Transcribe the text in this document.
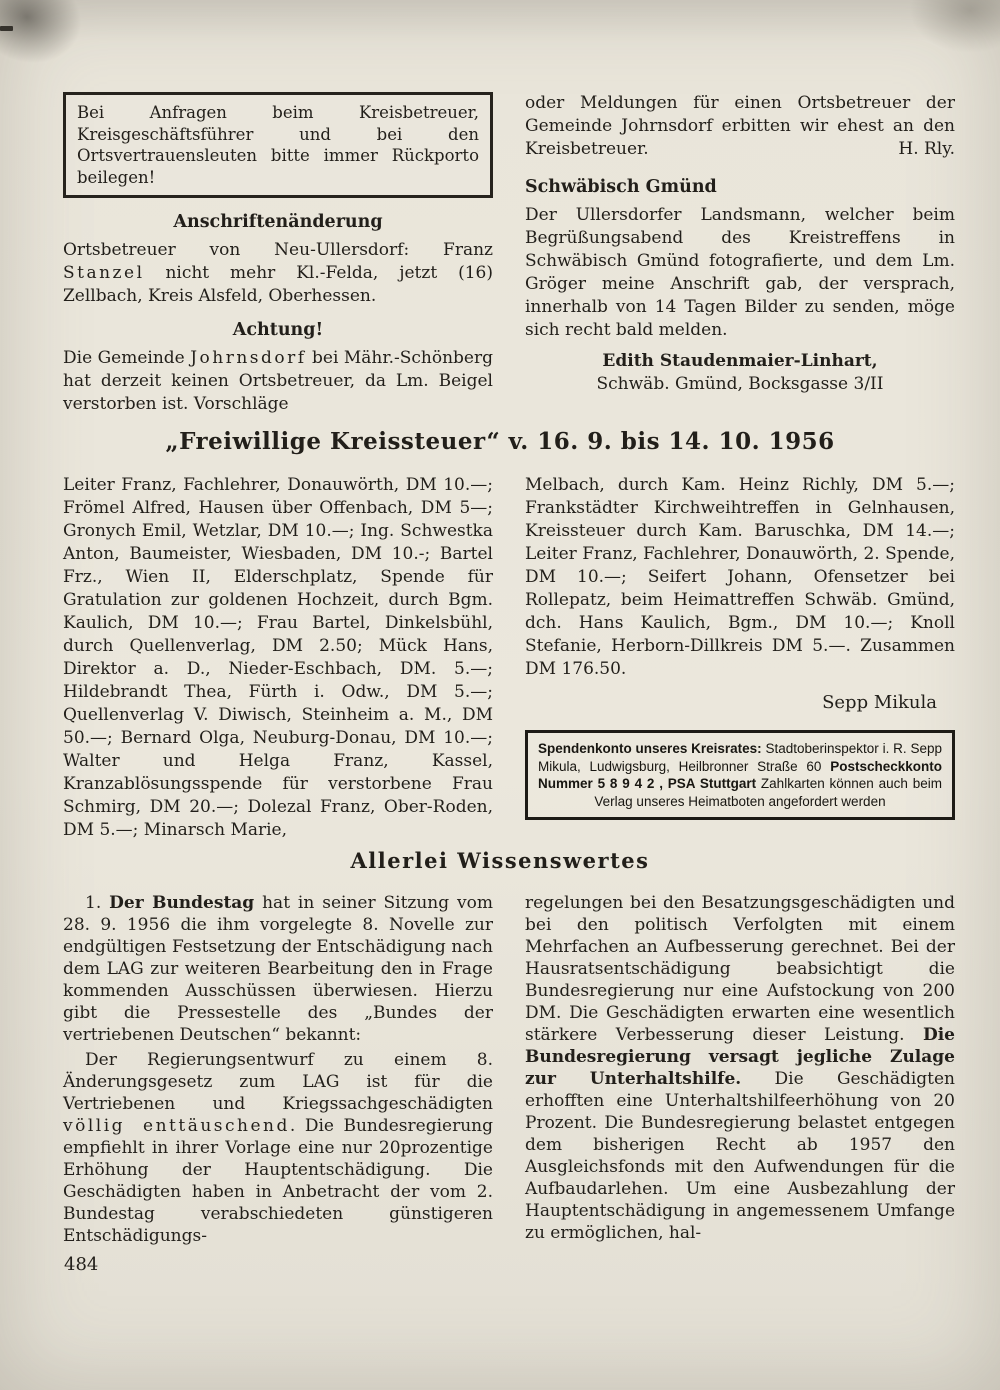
Bei Anfragen beim Kreisbetreuer, Kreisgeschäftsführer und bei den Ortsvertrauensleuten bitte immer Rückporto beilegen!

Anschriftenänderung

Ortsbetreuer von Neu-Ullersdorf: Franz Stanzel nicht mehr Kl.-Felda, jetzt (16) Zellbach, Kreis Alsfeld, Oberhessen.

Achtung!

Die Gemeinde Johrnsdorf bei Mähr.-Schönberg hat derzeit keinen Ortsbetreuer, da Lm. Beigel verstorben ist. Vorschläge

oder Meldungen für einen Ortsbetreuer der Gemeinde Johrnsdorf erbitten wir ehest an den Kreisbetreuer.	H. Rly.

Schwäbisch Gmünd

Der Ullersdorfer Landsmann, welcher beim Begrüßungsabend des Kreistreffens in Schwäbisch Gmünd fotografierte, und dem Lm. Gröger meine Anschrift gab, der versprach, innerhalb von 14 Tagen Bilder zu senden, möge sich recht bald melden.

Edith Staudenmaier-Linhart,
Schwäb. Gmünd, Bocksgasse 3/II
„Freiwillige Kreissteuer“ v. 16. 9. bis 14. 10. 1956

Leiter Franz, Fachlehrer, Donauwörth, DM 10.—; Frömel Alfred, Hausen über Offenbach, DM 5—; Gronych Emil, Wetzlar, DM 10.—; Ing. Schwestka Anton, Baumeister, Wiesbaden, DM 10.-; Bartel Frz., Wien II, Elderschplatz, Spende für Gratulation zur goldenen Hochzeit, durch Bgm. Kaulich, DM 10.—; Frau Bartel, Dinkelsbühl, durch Quellenverlag, DM 2.50; Mück Hans, Direktor a. D., Nieder-Eschbach, DM. 5.—; Hildebrandt Thea, Fürth i. Odw., DM 5.—; Quellenverlag V. Diwisch, Steinheim a. M., DM 50.—; Bernard Olga, Neuburg-Donau, DM 10.—; Walter und Helga Franz, Kassel, Kranzablösungsspende für verstorbene Frau Schmirg, DM 20.—; Dolezal Franz, Ober-Roden, DM 5.—; Minarsch Marie,

Melbach, durch Kam. Heinz Richly, DM 5.—; Frankstädter Kirchweihtreffen in Gelnhausen, Kreissteuer durch Kam. Baruschka, DM 14.—; Leiter Franz, Fachlehrer, Donauwörth, 2. Spende, DM 10.—; Seifert Johann, Ofensetzer bei Rollepatz, beim Heimattreffen Schwäb. Gmünd, dch. Hans Kaulich, Bgm., DM 10.—; Knoll Stefanie, Herborn-Dillkreis DM 5.—. Zusammen DM 176.50.

Sepp Mikula

Spendenkonto unseres Kreisrates: Stadtoberinspektor i. R. Sepp Mikula, Ludwigsburg, Heilbronner Straße 60 Postscheckkonto Nummer 5 8 9 4 2 , PSA Stuttgart Zahlkarten können auch beim Verlag unseres Heimatboten angefordert werden

Allerlei Wissenswertes

1. Der Bundestag hat in seiner Sitzung vom 28. 9. 1956 die ihm vorgelegte 8. Novelle zur endgültigen Festsetzung der Entschädigung nach dem LAG zur weiteren Bearbeitung den in Frage kommenden Ausschüssen überwiesen. Hierzu gibt die Pressestelle des „Bundes der vertriebenen Deutschen“ bekannt:

Der Regierungsentwurf zu einem 8. Änderungsgesetz zum LAG ist für die Vertriebenen und Kriegssachgeschädigten völlig enttäuschend. Die Bundesregierung empfiehlt in ihrer Vorlage eine nur 20prozentige Erhöhung der Hauptentschädigung. Die Geschädigten haben in Anbetracht der vom 2. Bundestag verabschiedeten günstigeren Entschädigungs-

regelungen bei den Besatzungsgeschädigten und bei den politisch Verfolgten mit einem Mehrfachen an Aufbesserung gerechnet. Bei der Hausratsentschädigung beabsichtigt die Bundesregierung nur eine Aufstockung von 200 DM. Die Geschädigten erwarten eine wesentlich stärkere Verbesserung dieser Leistung. Die Bundesregierung versagt jegliche Zulage zur Unterhaltshilfe. Die Geschädigten erhofften eine Unterhaltshilfeerhöhung von 20 Prozent. Die Bundesregierung belastet entgegen dem bisherigen Recht ab 1957 den Ausgleichsfonds mit den Aufwendungen für die Aufbaudarlehen. Um eine Ausbezahlung der Hauptentschädigung in angemessenem Umfange zu ermöglichen, hal-

484
